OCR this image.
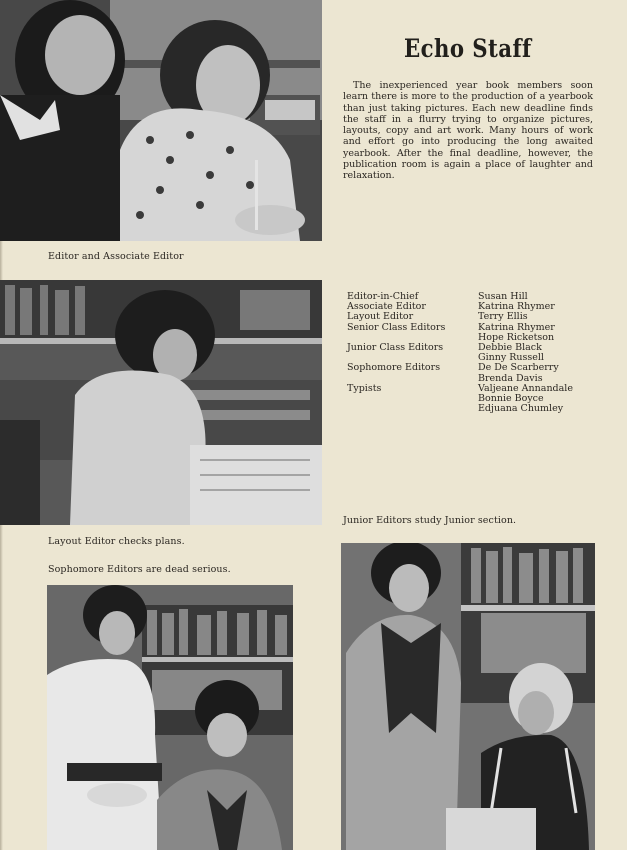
Editor and Associate Editor
Echo Staff

The inexperienced year book members soon learn there is more to the production of a yearbook than just taking pictures. Each new deadline finds the staff in a flurry trying to organize pictures, layouts, copy and art work. Many hours of work and effort go into producing the long awaited yearbook. After the final deadline, however, the publication room is again a place of laughter and relaxation.

Layout Editor checks plans.
Editor-in-Chief
Associate Editor
Layout Editor
Senior Class Editors
Junior Class Editors
Sophomore Editors
Typists
Susan Hill
Katrina Rhymer
Terry Ellis
Katrina Rhymer
Hope Ricketson
Debbie Black
Ginny Russell
De De Scarberry
Brenda Davis
Valjeane Annandale
Bonnie Boyce
Edjuana Chumley
Junior Editors study Junior section.
Sophomore Editors are dead serious.
